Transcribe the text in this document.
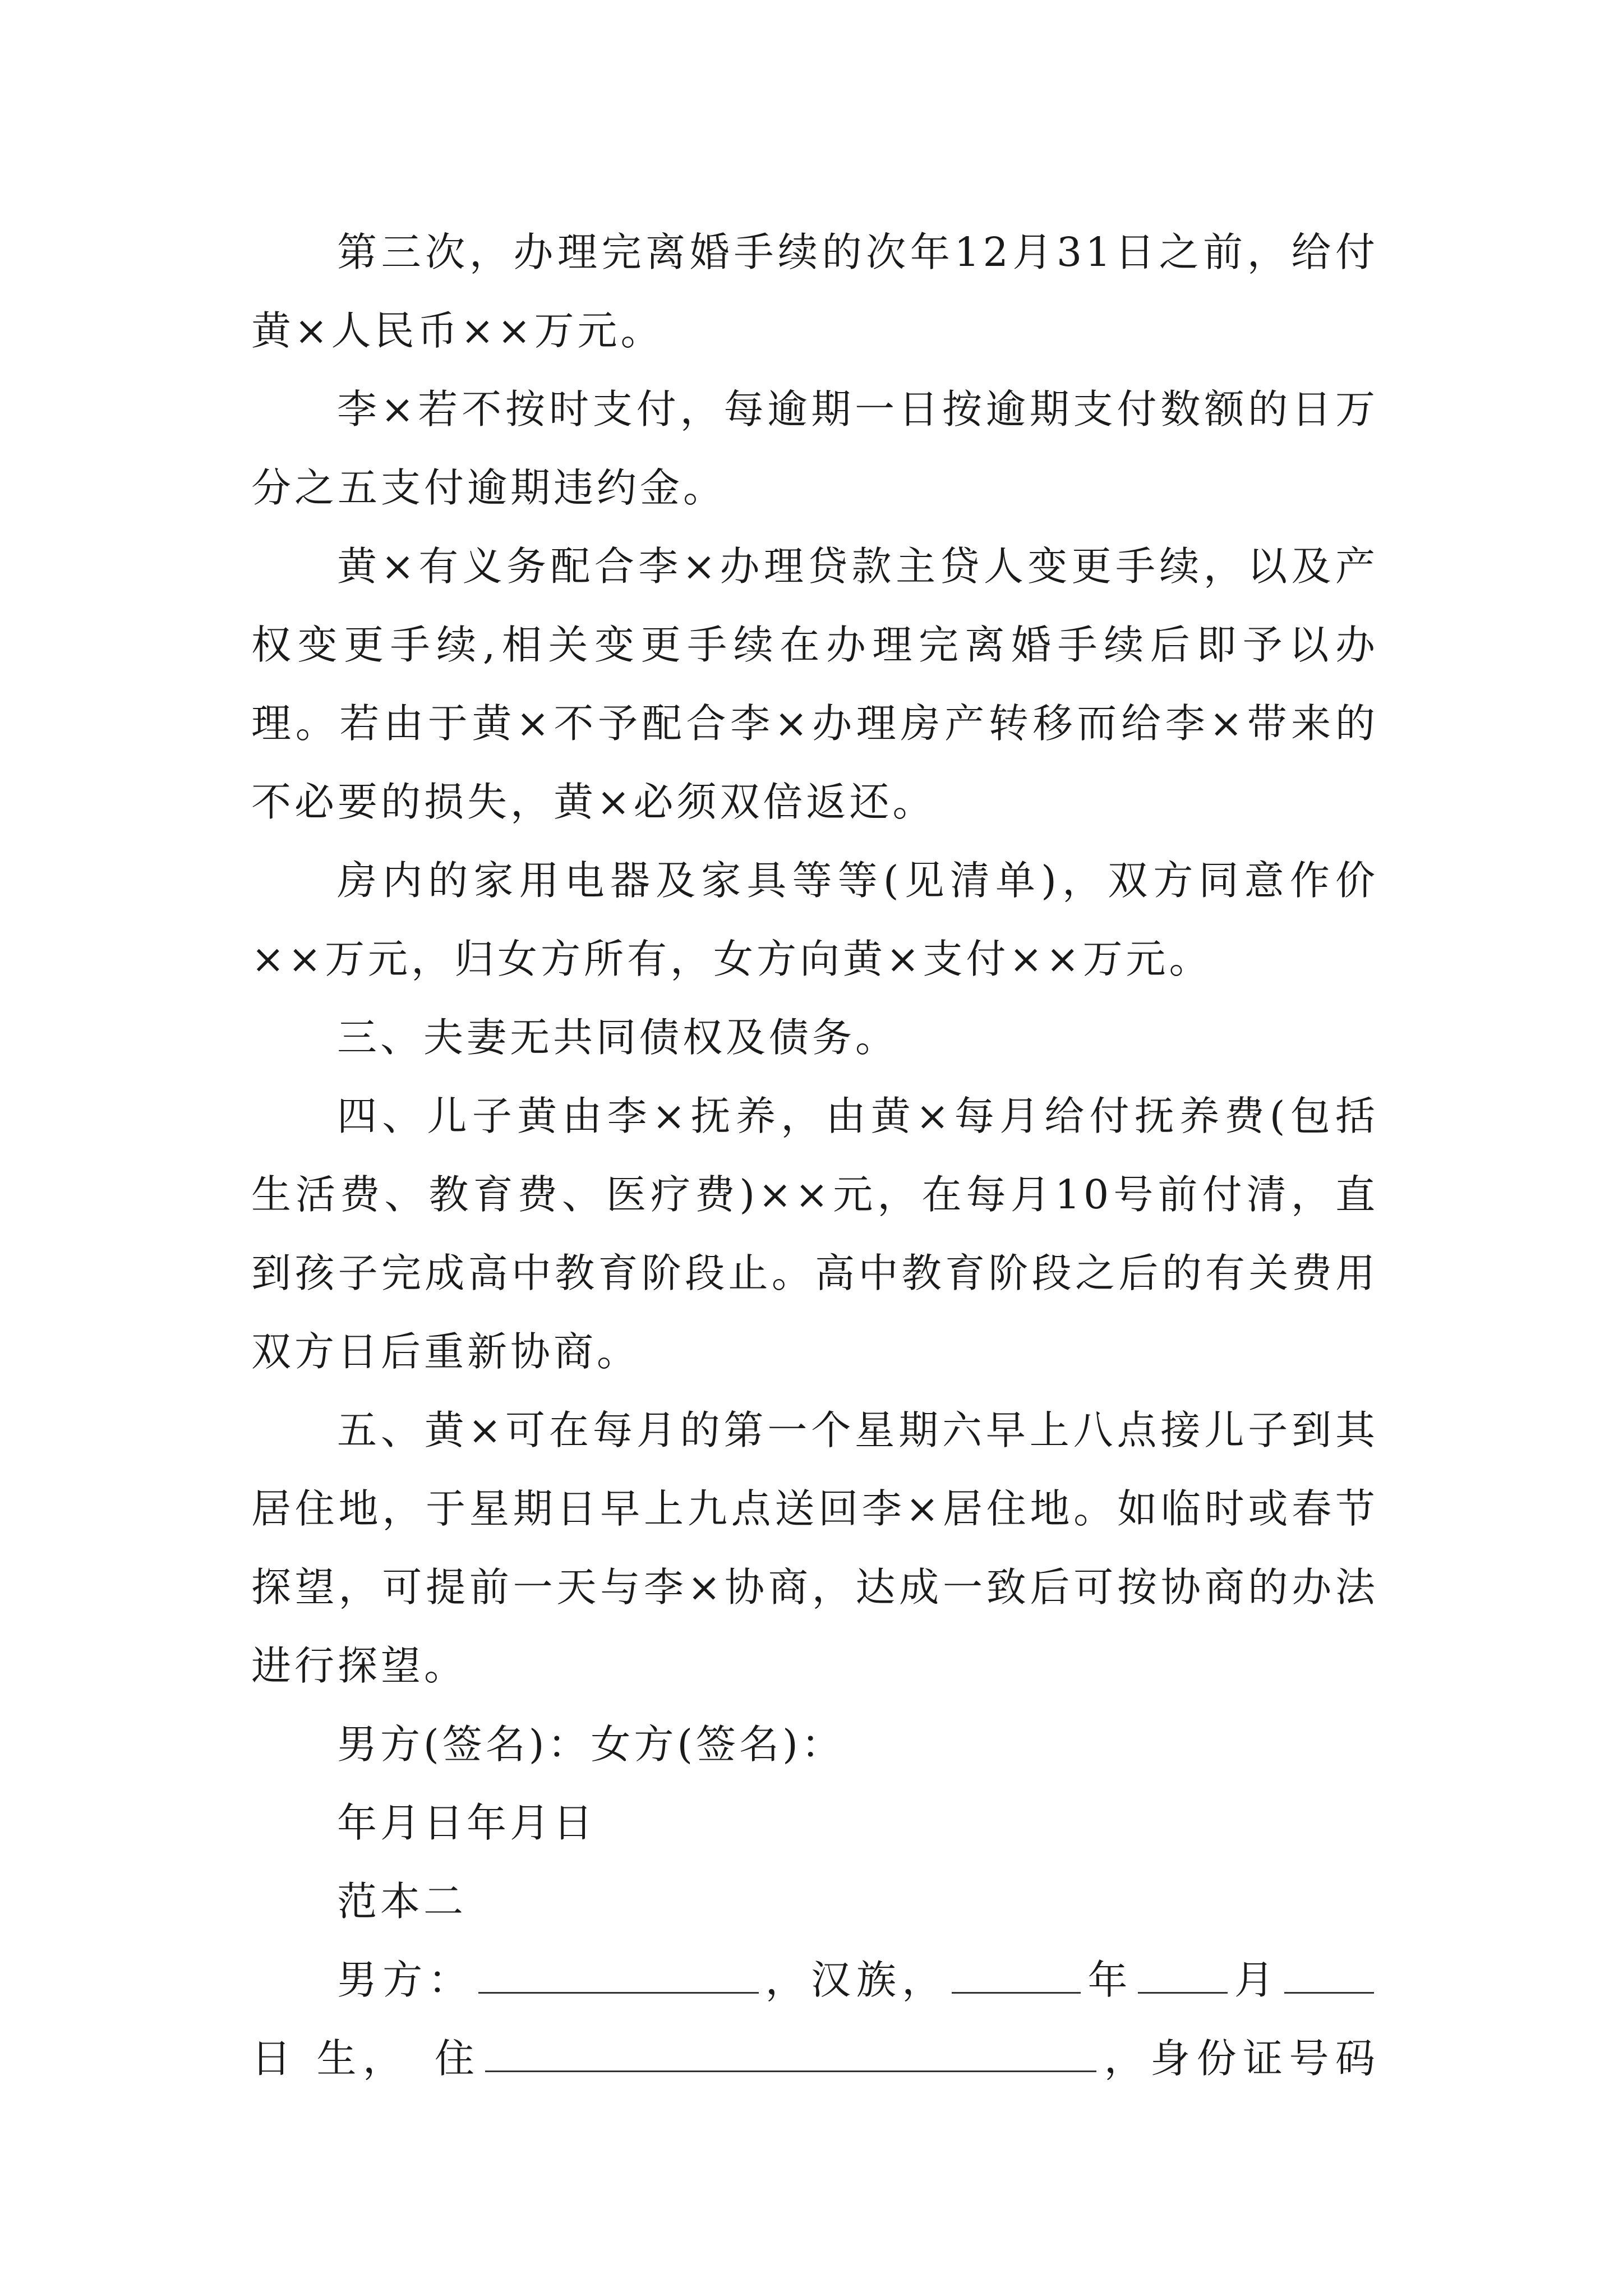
第三次，办理完离婚手续的次年12月31日之前，给付黄×人民币××万元。

李×若不按时支付，每逾期一日按逾期支付数额的日万分之五支付逾期违约金。

黄×有义务配合李×办理贷款主贷人变更手续，以及产权变更手续,相关变更手续在办理完离婚手续后即予以办理。若由于黄×不予配合李×办理房产转移而给李×带来的不必要的损失，黄×必须双倍返还。

房内的家用电器及家具等等(见清单)，双方同意作价××万元，归女方所有，女方向黄×支付××万元。

三、夫妻无共同债权及债务。

四、儿子黄由李×抚养，由黄×每月给付抚养费(包括生活费、教育费、医疗费)××元，在每月10号前付清，直到孩子完成高中教育阶段止。高中教育阶段之后的有关费用双方日后重新协商。

五、黄×可在每月的第一个星期六早上八点接儿子到其居住地，于星期日早上九点送回李×居住地。如临时或春节探望，可提前一天与李×协商，达成一致后可按协商的办法进行探望。

男方(签名)：女方(签名)：

年月日年月日

范本二

男方：	，汉族，	年 月日 生， 住	，身份证号码
